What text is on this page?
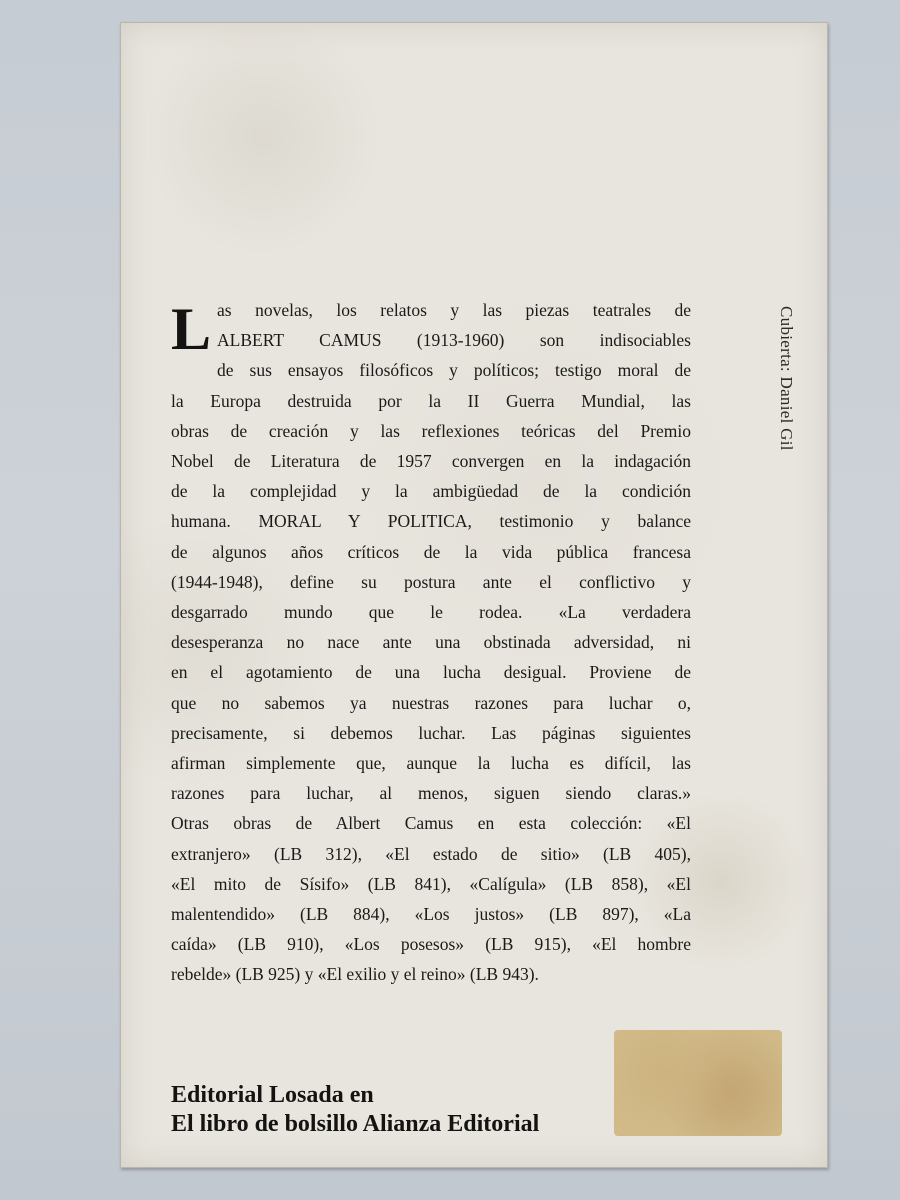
L as novelas, los relatos y las piezas teatrales de
ALBERT CAMUS (1913-1960) son indisociables
de sus ensayos filosóficos y políticos; testigo moral de
la Europa destruida por la II Guerra Mundial, las
obras de creación y las reflexiones teóricas del Premio
Nobel de Literatura de 1957 convergen en la indagación
de la complejidad y la ambigüedad de la condición
humana. MORAL Y POLITICA, testimonio y balance
de algunos años críticos de la vida pública francesa
(1944-1948), define su postura ante el conflictivo y
desgarrado mundo que le rodea. «La verdadera
desesperanza no nace ante una obstinada adversidad, ni
en el agotamiento de una lucha desigual. Proviene de
que no sabemos ya nuestras razones para luchar o,
precisamente, si debemos luchar. Las páginas siguientes
afirman simplemente que, aunque la lucha es difícil, las
razones para luchar, al menos, siguen siendo claras.»
Otras obras de Albert Camus en esta colección: «El
extranjero» (LB 312), «El estado de sitio» (LB 405),
«El mito de Sísifo» (LB 841), «Calígula» (LB 858), «El
malentendido» (LB 884), «Los justos» (LB 897), «La
caída» (LB 910), «Los posesos» (LB 915), «El hombre
rebelde» (LB 925) y «El exilio y el reino» (LB 943).

Cubierta: Daniel Gil
Editorial Losada en
El libro de bolsillo Alianza Editorial
